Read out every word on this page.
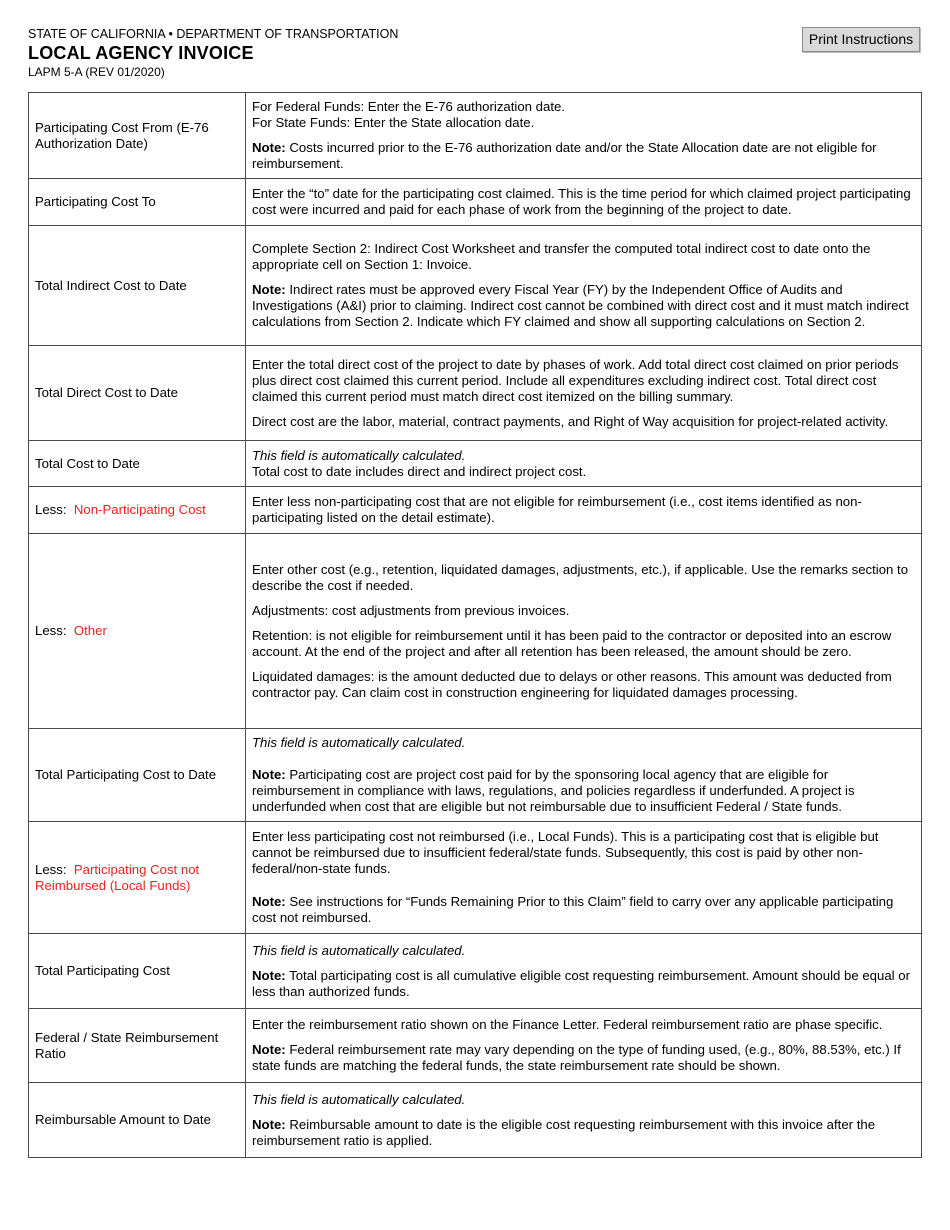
STATE OF CALIFORNIA • DEPARTMENT OF TRANSPORTATION
LOCAL AGENCY INVOICE
LAPM 5-A (REV 01/2020)
Print Instructions
Participating Cost From (E-76 Authorization Date)	For Federal Funds: Enter the E-76 authorization date.
For State Funds: Enter the State allocation date.

Note: Costs incurred prior to the E-76 authorization date and/or the State Allocation date are not eligible for reimbursement.

Participating Cost To	Enter the “to” date for the participating cost claimed. This is the time period for which claimed project participating cost were incurred and paid for each phase of work from the beginning of the project to date.

Total Indirect Cost to Date	Complete Section 2: Indirect Cost Worksheet and transfer the computed total indirect cost to date onto the appropriate cell on Section 1: Invoice.

Note: Indirect rates must be approved every Fiscal Year (FY) by the Independent Office of Audits and Investigations (A&I) prior to claiming. Indirect cost cannot be combined with direct cost and it must match indirect calculations from Section 2. Indicate which FY claimed and show all supporting calculations on Section 2.

Total Direct Cost to Date	Enter the total direct cost of the project to date by phases of work. Add total direct cost claimed on prior periods plus direct cost claimed this current period. Include all expenditures excluding indirect cost. Total direct cost claimed this current period must match direct cost itemized on the billing summary.

Direct cost are the labor, material, contract payments, and Right of Way acquisition for project-related activity.

Total Cost to Date	This field is automatically calculated.
Total cost to date includes direct and indirect project cost.

Less: Non-Participating Cost	Enter less non-participating cost that are not eligible for reimbursement (i.e., cost items identified as non-participating listed on the detail estimate).

Less: Other	Enter other cost (e.g., retention, liquidated damages, adjustments, etc.), if applicable. Use the remarks section to describe the cost if needed.

Adjustments: cost adjustments from previous invoices.

Retention: is not eligible for reimbursement until it has been paid to the contractor or deposited into an escrow account. At the end of the project and after all retention has been released, the amount should be zero.

Liquidated damages: is the amount deducted due to delays or other reasons. This amount was deducted from contractor pay. Can claim cost in construction engineering for liquidated damages processing.

Total Participating Cost to Date	This field is automatically calculated.

Note: Participating cost are project cost paid for by the sponsoring local agency that are eligible for reimbursement in compliance with laws, regulations, and policies regardless if underfunded. A project is underfunded when cost that are eligible but not reimbursable due to insufficient Federal / State funds.

Less: Participating Cost not Reimbursed (Local Funds)	Enter less participating cost not reimbursed (i.e., Local Funds). This is a participating cost that is eligible but cannot be reimbursed due to insufficient federal/state funds. Subsequently, this cost is paid by other non-federal/non-state funds.

Note: See instructions for “Funds Remaining Prior to this Claim” field to carry over any applicable participating cost not reimbursed.

Total Participating Cost	This field is automatically calculated.

Note: Total participating cost is all cumulative eligible cost requesting reimbursement. Amount should be equal or less than authorized funds.

Federal / State Reimbursement Ratio	Enter the reimbursement ratio shown on the Finance Letter. Federal reimbursement ratio are phase specific.

Note: Federal reimbursement rate may vary depending on the type of funding used, (e.g., 80%, 88.53%, etc.) If state funds are matching the federal funds, the state reimbursement rate should be shown.

Reimbursable Amount to Date	This field is automatically calculated.

Note: Reimbursable amount to date is the eligible cost requesting reimbursement with this invoice after the reimbursement ratio is applied.
